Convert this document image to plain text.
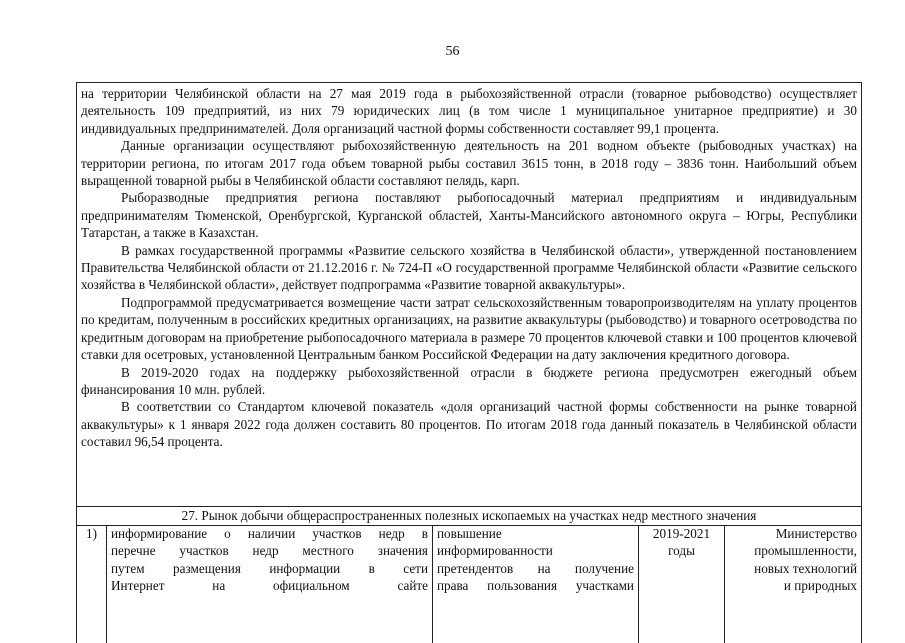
56

на территории Челябинской области на 27 мая 2019 года в рыбохозяйственной отрасли (товарное рыбоводство) осуществляет деятельность 109 предприятий, из них 79 юридических лиц (в том числе 1 муниципальное унитарное предприятие) и 30 индивидуальных предпринимателей. Доля организаций частной формы собственности составляет 99,1 процента.

Данные организации осуществляют рыбохозяйственную деятельность на 201 водном объекте (рыбоводных участках) на территории региона, по итогам 2017 года объем товарной рыбы составил 3615 тонн, в 2018 году – 3836 тонн. Наибольший объем выращенной товарной рыбы в Челябинской области составляют пелядь, карп.

Рыборазводные предприятия региона поставляют рыбопосадочный материал предприятиям и индивидуальным предпринимателям Тюменской, Оренбургской, Курганской областей, Ханты-Мансийского автономного округа – Югры, Республики Татарстан, а также в Казахстан.

В рамках государственной программы «Развитие сельского хозяйства в Челябинской области», утвержденной постановлением Правительства Челябинской области от 21.12.2016 г. № 724-П «О государственной программе Челябинской области «Развитие сельского хозяйства в Челябинской области», действует подпрограмма «Развитие товарной аквакультуры».

Подпрограммой предусматривается возмещение части затрат сельскохозяйственным товаропроизводителям на уплату процентов по кредитам, полученным в российских кредитных организациях, на развитие аквакультуры (рыбоводство) и товарного осетроводства по кредитным договорам на приобретение рыбопосадочного материала в размере 70 процентов ключевой ставки и 100 процентов ключевой ставки для осетровых, установленной Центральным банком Российской Федерации на дату заключения кредитного договора.

В 2019-2020 годах на поддержку рыбохозяйственной отрасли в бюджете региона предусмотрен ежегодный объем финансирования 10 млн. рублей.

В соответствии со Стандартом ключевой показатель «доля организаций частной формы собственности на рынке товарной аквакультуры» к 1 января 2022 года должен составить 80 процентов. По итогам 2018 года данный показатель в Челябинской области составил 96,54 процента.

27. Рынок добычи общераспространенных полезных ископаемых на участках недр местного значения
1)	информирование о наличии участков недр в
перечне участков недр местного значения
путем размещения информации в сети
Интернет на официальном сайте
повышение
информированности
претендентов на получение
права пользования участками
2019-2021
годы
Министерство
промышленности,
новых технологий
и природных
